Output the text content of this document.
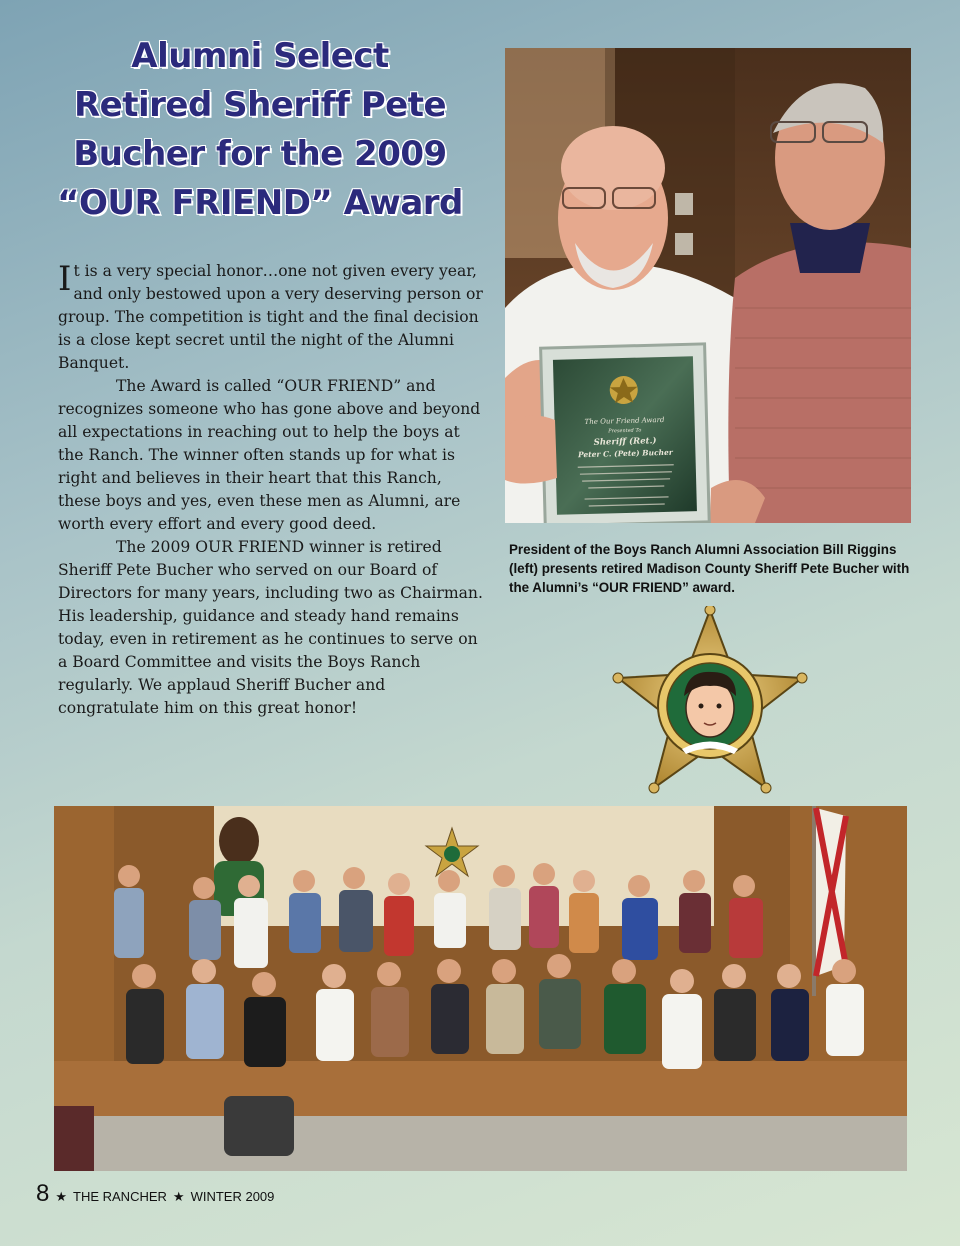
Alumni Select
Retired Sheriff Pete
Bucher for the 2009
“OUR FRIEND” Award

It is a very special honor…one not given every year, and only bestowed upon a very deserving person or group. The competition is tight and the final decision is a close kept secret until the night of the Alumni Banquet.

The Award is called “OUR FRIEND” and recognizes someone who has gone above and beyond all expectations in reaching out to help the boys at the Ranch. The winner often stands up for what is right and believes in their heart that this Ranch, these boys and yes, even these men as Alumni, are worth every effort and every good deed.

The 2009 OUR FRIEND winner is retired Sheriff Pete Bucher who served on our Board of Directors for many years, including two as Chairman. His leadership, guidance and steady hand remains today, even in retirement as he continues to serve on a Board Committee and visits the Boys Ranch regularly. We applaud Sheriff Bucher and congratulate him on this great honor!

The Our Friend Award
Presented To
Sheriff (Ret.)
Peter C. (Pete) Bucher
President of the Boys Ranch Alumni Association Bill Riggins (left) presents retired Madison County Sheriff Pete Bucher with the Alumni’s “OUR FRIEND” award.
8 ★ THE RANCHER ★ WINTER 2009
